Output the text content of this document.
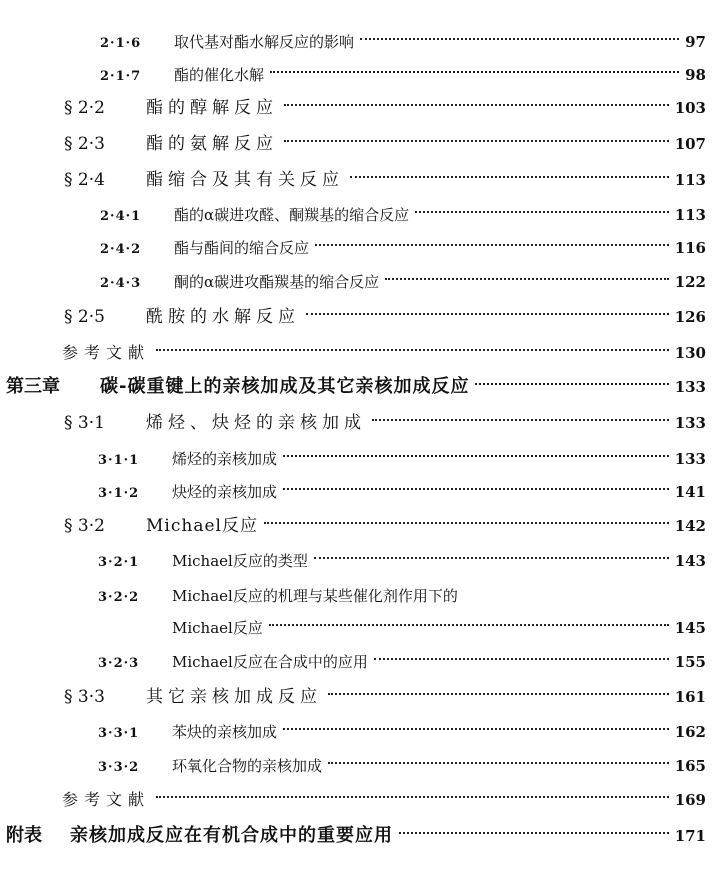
2·1·6	取代基对酯水解反应的影响	97
2·1·7	酯的催化水解	98
§ 2·2	酯的醇解反应	103
§ 2·3	酯的氨解反应	107
§ 2·4	酯缩合及其有关反应	113
2·4·1	酯的α碳进攻醛、酮羰基的缩合反应	113
2·4·2	酯与酯间的缩合反应	116
2·4·3	酮的α碳进攻酯羰基的缩合反应	122
§ 2·5	酰胺的水解反应	126
参考文献	130
第三章	碳-碳重键上的亲核加成及其它亲核加成反应	133
§ 3·1	烯烃、炔烃的亲核加成	133
3·1·1	烯烃的亲核加成	133
3·1·2	炔烃的亲核加成	141
§ 3·2	Michael反应	142
3·2·1	Michael反应的类型	143
3·2·2	Michael反应的机理与某些催化剂作用下的
Michael反应	145
3·2·3	Michael反应在合成中的应用	155
§ 3·3	其它亲核加成反应	161
3·3·1	苯炔的亲核加成	162
3·3·2	环氧化合物的亲核加成	165
参考文献	169
附表	亲核加成反应在有机合成中的重要应用	171
